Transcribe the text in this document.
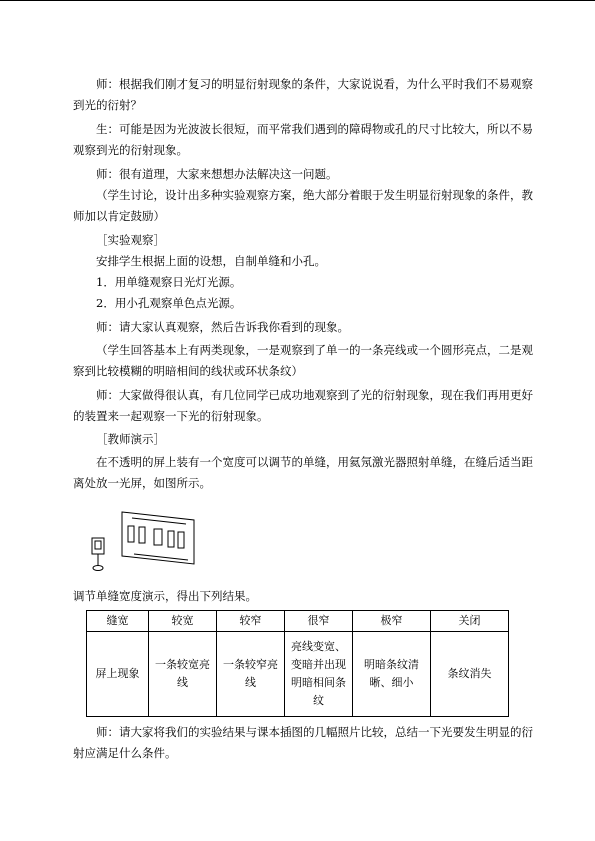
师：根据我们刚才复习的明显衍射现象的条件，大家说说看，为什么平时我们不易观察到光的衍射？

生：可能是因为光波波长很短，而平常我们遇到的障碍物或孔的尺寸比较大，所以不易观察到光的衍射现象。

师：很有道理，大家来想想办法解决这一问题。

（学生讨论，设计出多种实验观察方案，绝大部分着眼于发生明显衍射现象的条件，教师加以肯定鼓励）

［实验观察］

安排学生根据上面的设想，自制单缝和小孔。

1．用单缝观察日光灯光源。

2．用小孔观察单色点光源。

师：请大家认真观察，然后告诉我你看到的现象。

（学生回答基本上有两类现象，一是观察到了单一的一条亮线或一个圆形亮点，二是观察到比较模糊的明暗相间的线状或环状条纹）

师：大家做得很认真，有几位同学已成功地观察到了光的衍射现象，现在我们再用更好的装置来一起观察一下光的衍射现象。

［教师演示］

在不透明的屏上装有一个宽度可以调节的单缝，用氦氖激光器照射单缝，在缝后适当距离处放一光屏，如图所示。

调节单缝宽度演示，得出下列结果。

缝宽	较宽	较窄	很窄	极窄	关闭
屏上现象	一条较宽亮线	一条较窄亮线	亮线变宽、变暗并出现明暗相间条纹	明暗条纹清晰、细小	条纹消失

师：请大家将我们的实验结果与课本插图的几幅照片比较，总结一下光要发生明显的衍射应满足什么条件。
